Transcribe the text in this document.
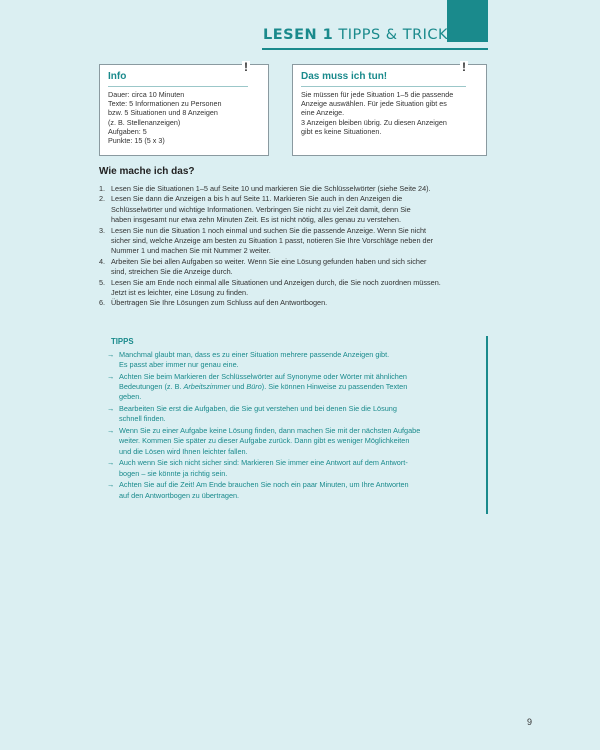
LESEN 1 TIPPS & TRICKS
!
Info
Dauer: circa 10 Minuten
Texte: 5 Informationen zu Personen
bzw. 5 Situationen und 8 Anzeigen
(z. B. Stellenanzeigen)
Aufgaben: 5
Punkte: 15 (5 x 3)
!
Das muss ich tun!
Sie müssen für jede Situation 1–5 die passende
Anzeige auswählen. Für jede Situation gibt es
eine Anzeige.
3 Anzeigen bleiben übrig. Zu diesen Anzeigen
gibt es keine Situationen.
Wie mache ich das?
1. Lesen Sie die Situationen 1–5 auf Seite 10 und markieren Sie die Schlüsselwörter (siehe Seite 24).
2. Lesen Sie dann die Anzeigen a bis h auf Seite 11. Markieren Sie auch in den Anzeigen die
Schlüsselwörter und wichtige Informationen. Verbringen Sie nicht zu viel Zeit damit, denn Sie
haben insgesamt nur etwa zehn Minuten Zeit. Es ist nicht nötig, alles genau zu verstehen.
3. Lesen Sie nun die Situation 1 noch einmal und suchen Sie die passende Anzeige. Wenn Sie nicht
sicher sind, welche Anzeige am besten zu Situation 1 passt, notieren Sie Ihre Vorschläge neben der
Nummer 1 und machen Sie mit Nummer 2 weiter.
4. Arbeiten Sie bei allen Aufgaben so weiter. Wenn Sie eine Lösung gefunden haben und sich sicher
sind, streichen Sie die Anzeige durch.
5. Lesen Sie am Ende noch einmal alle Situationen und Anzeigen durch, die Sie noch zuordnen müssen.
Jetzt ist es leichter, eine Lösung zu finden.
6. Übertragen Sie Ihre Lösungen zum Schluss auf den Antwortbogen.
TIPPS
→ Manchmal glaubt man, dass es zu einer Situation mehrere passende Anzeigen gibt.
Es passt aber immer nur genau eine.
→ Achten Sie beim Markieren der Schlüsselwörter auf Synonyme oder Wörter mit ähnlichen
Bedeutungen (z. B. Arbeitszimmer und Büro). Sie können Hinweise zu passenden Texten
geben.
→ Bearbeiten Sie erst die Aufgaben, die Sie gut verstehen und bei denen Sie die Lösung
schnell finden.
→ Wenn Sie zu einer Aufgabe keine Lösung finden, dann machen Sie mit der nächsten Aufgabe
weiter. Kommen Sie später zu dieser Aufgabe zurück. Dann gibt es weniger Möglichkeiten
und die Lösen wird Ihnen leichter fallen.
→ Auch wenn Sie sich nicht sicher sind: Markieren Sie immer eine Antwort auf dem Antwort-
bogen – sie könnte ja richtig sein.
→ Achten Sie auf die Zeit! Am Ende brauchen Sie noch ein paar Minuten, um Ihre Antworten
auf den Antwortbogen zu übertragen.
9
